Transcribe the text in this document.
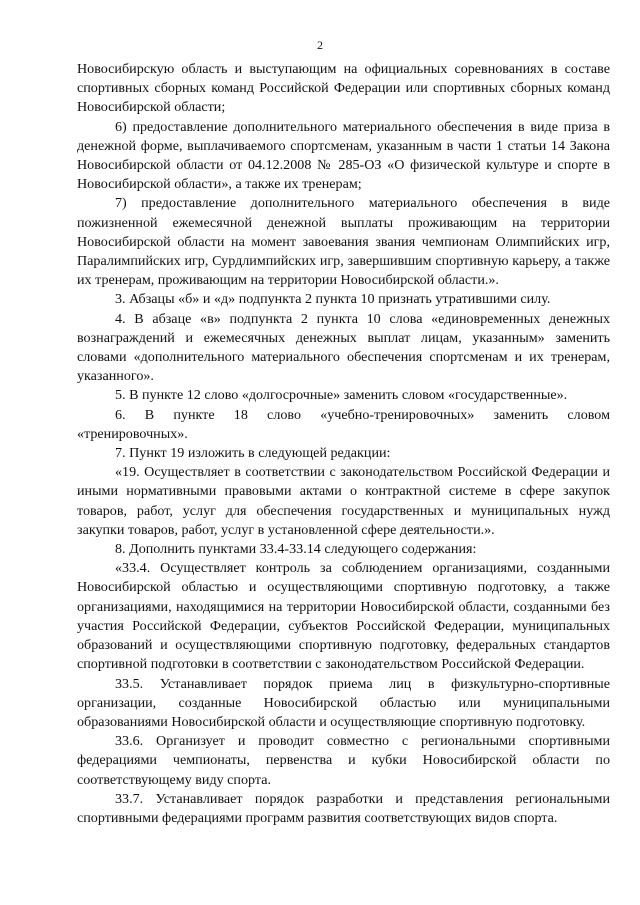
2

Новосибирскую область и выступающим на официальных соревнованиях в составе спортивных сборных команд Российской Федерации или спортивных сборных команд Новосибирской области;

6) предоставление дополнительного материального обеспечения в виде приза в денежной форме, выплачиваемого спортсменам, указанным в части 1 статьи 14 Закона Новосибирской области от 04.12.2008 № 285-ОЗ «О физической культуре и спорте в Новосибирской области», а также их тренерам;

7) предоставление дополнительного материального обеспечения в виде пожизненной ежемесячной денежной выплаты проживающим на территории Новосибирской области на момент завоевания звания чемпионам Олимпийских игр, Паралимпийских игр, Сурдлимпийских игр, завершившим спортивную карьеру, а также их тренерам, проживающим на территории Новосибирской области.».

3. Абзацы «б» и «д» подпункта 2 пункта 10 признать утратившими силу.

4. В абзаце «в» подпункта 2 пункта 10 слова «единовременных денежных вознаграждений и ежемесячных денежных выплат лицам, указанным» заменить словами «дополнительного материального обеспечения спортсменам и их тренерам, указанного».

5. В пункте 12 слово «долгосрочные» заменить словом «государственные».

6. В пункте 18 слово «учебно-тренировочных» заменить словом «тренировочных».

7. Пункт 19 изложить в следующей редакции:

«19. Осуществляет в соответствии с законодательством Российской Федерации и иными нормативными правовыми актами о контрактной системе в сфере закупок товаров, работ, услуг для обеспечения государственных и муниципальных нужд закупки товаров, работ, услуг в установленной сфере деятельности.».

8. Дополнить пунктами 33.4-33.14 следующего содержания:

«33.4. Осуществляет контроль за соблюдением организациями, созданными Новосибирской областью и осуществляющими спортивную подготовку, а также организациями, находящимися на территории Новосибирской области, созданными без участия Российской Федерации, субъектов Российской Федерации, муниципальных образований и осуществляющими спортивную подготовку, федеральных стандартов спортивной подготовки в соответствии с законодательством Российской Федерации.

33.5. Устанавливает порядок приема лиц в физкультурно-спортивные организации, созданные Новосибирской областью или муниципальными образованиями Новосибирской области и осуществляющие спортивную подготовку.

33.6. Организует и проводит совместно с региональными спортивными федерациями чемпионаты, первенства и кубки Новосибирской области по соответствующему виду спорта.

33.7. Устанавливает порядок разработки и представления региональными спортивными федерациями программ развития соответствующих видов спорта.
